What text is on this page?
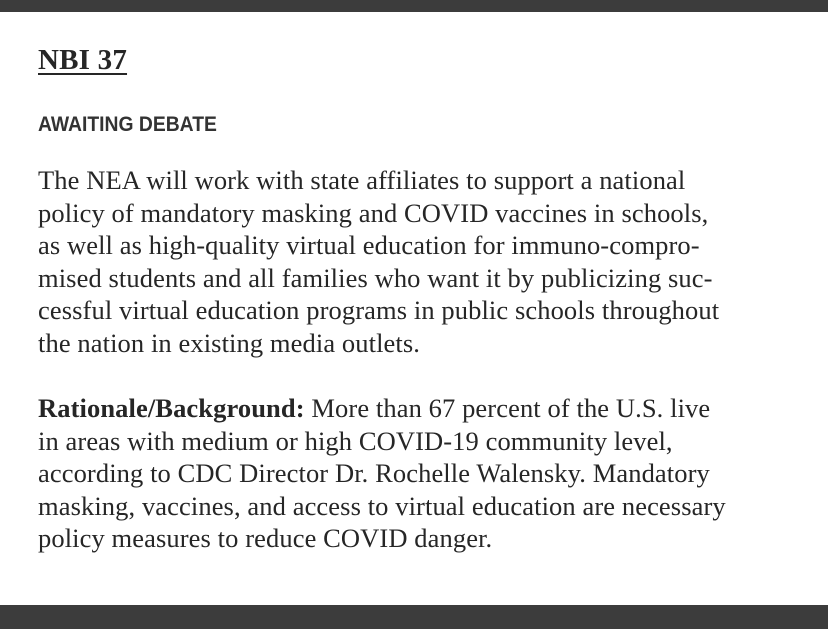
NBI 37
AWAITING DEBATE

The NEA will work with state affiliates to support a national
policy of mandatory masking and COVID vaccines in schools,
as well as high-quality virtual education for immuno-compro-
mised students and all families who want it by publicizing suc-
cessful virtual education programs in public schools throughout
the nation in existing media outlets.

Rationale/Background: More than 67 percent of the U.S. live
in areas with medium or high COVID-19 community level,
according to CDC Director Dr. Rochelle Walensky. Mandatory
masking, vaccines, and access to virtual education are necessary
policy measures to reduce COVID danger.
